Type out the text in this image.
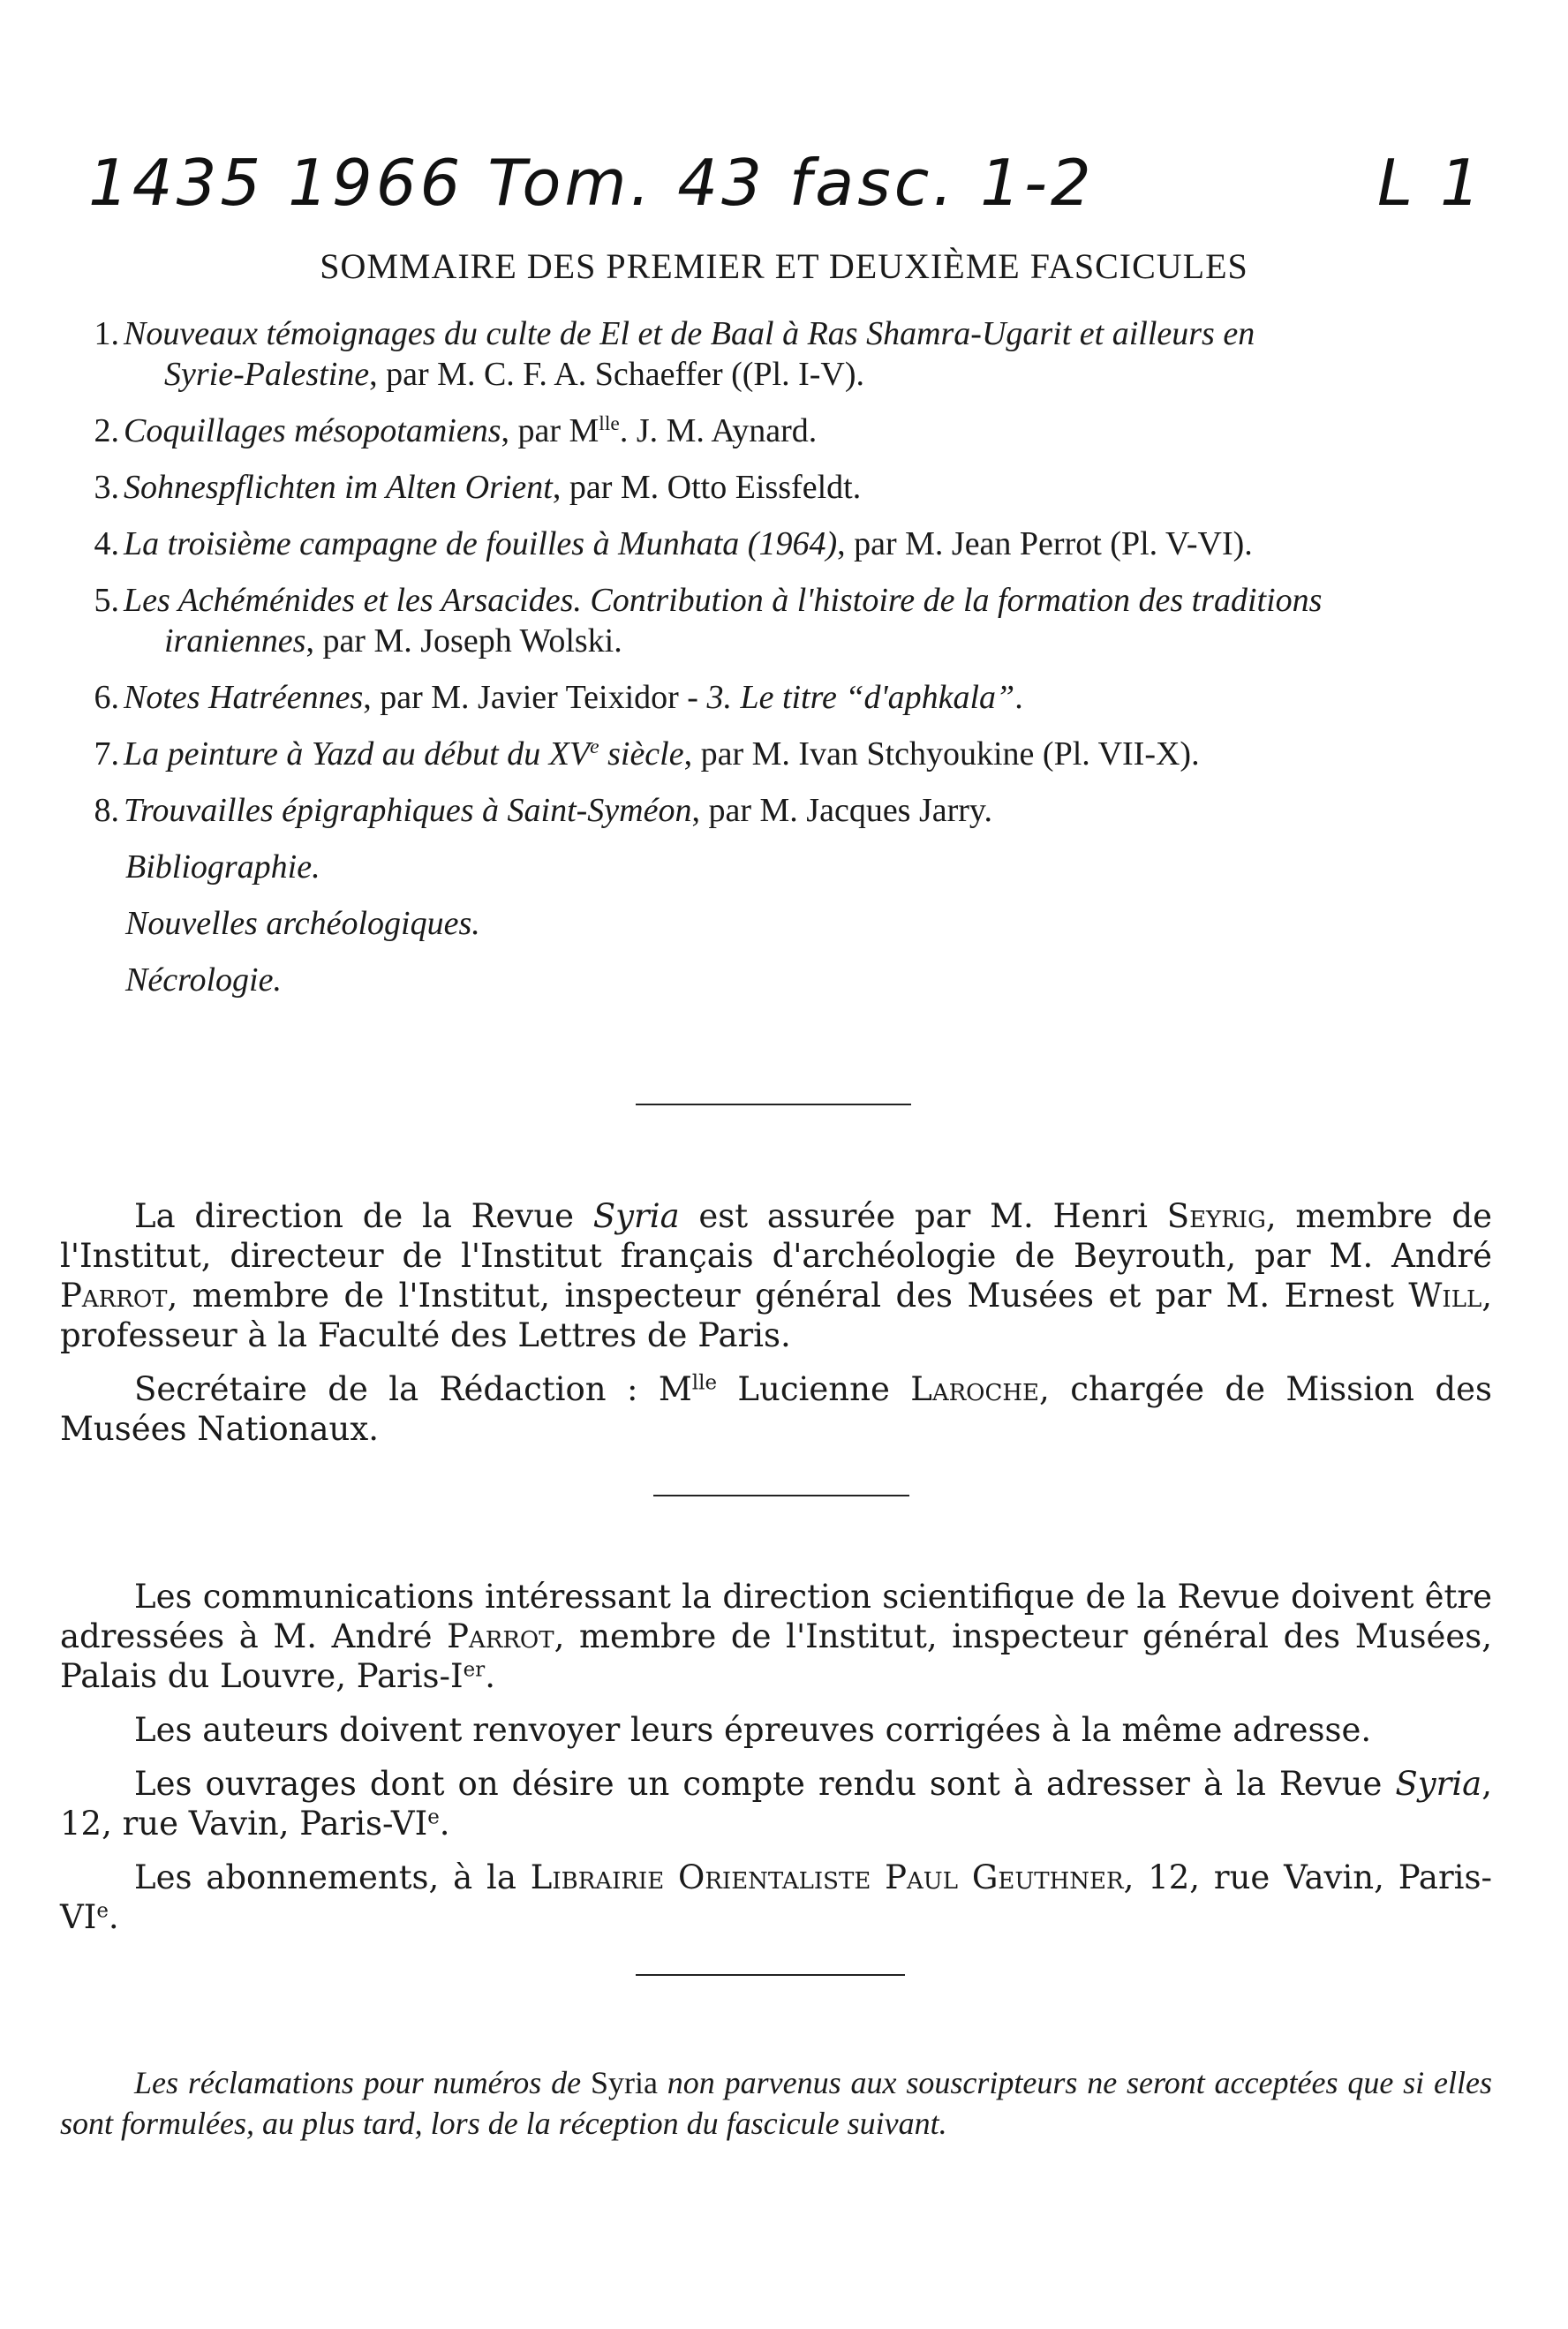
1435 1966 Tom. 43 fasc. 1-2	L 1
SOMMAIRE DES PREMIER ET DEUXIÈME FASCICULES
1. Nouveaux témoignages du culte de El et de Baal à Ras Shamra-Ugarit et ailleurs en
Syrie-Palestine, par M. C. F. A. Schaeffer ((Pl. I-V).
2. Coquillages mésopotamiens, par $M^{lle}$. J. M. Aynard.
3. Sohnespflichten im Alten Orient, par M. Otto Eissfeldt.
4. La troisième campagne de fouilles à Munhata (1964), par M. Jean Perrot (Pl. V-VI).
5. Les Achéménides et les Arsacides. Contribution à l'histoire de la formation des traditions
iraniennes, par M. Joseph Wolski.
6. Notes Hatréennes, par M. Javier Teixidor - 3. Le titre “d'aphkala”.
7. La peinture à Yazd au début du XVe siècle, par M. Ivan Stchyoukine (Pl. VII-X).
8. Trouvailles épigraphiques à Saint-Syméon, par M. Jacques Jarry.
Bibliographie.
Nouvelles archéologiques.
Nécrologie.

La direction de la Revue Syria est assurée par M. Henri Seyrig, membre de l'Institut, directeur de l'Institut français d'archéologie de Beyrouth, par M. André Parrot, membre de l'Institut, inspecteur général des Musées et par M. Ernest Will, professeur à la Faculté des Lettres de Paris.

Secrétaire de la Rédaction : $M^{lle}$ Lucienne Laroche, chargée de Mission des Musées Nationaux.

Les communications intéressant la direction scientifique de la Revue doivent être adressées à M. André Parrot, membre de l'Institut, inspecteur général des Musées, Palais du Louvre, Paris-Ier.

Les auteurs doivent renvoyer leurs épreuves corrigées à la même adresse.

Les ouvrages dont on désire un compte rendu sont à adresser à la Revue Syria, 12, rue Vavin, Paris-VIe.

Les abonnements, à la Librairie Orientaliste Paul Geuthner, 12, rue Vavin, Paris-VIe.

Les réclamations pour numéros de Syria non parvenus aux souscripteurs ne seront acceptées que si elles sont formulées, au plus tard, lors de la réception du fascicule suivant.
